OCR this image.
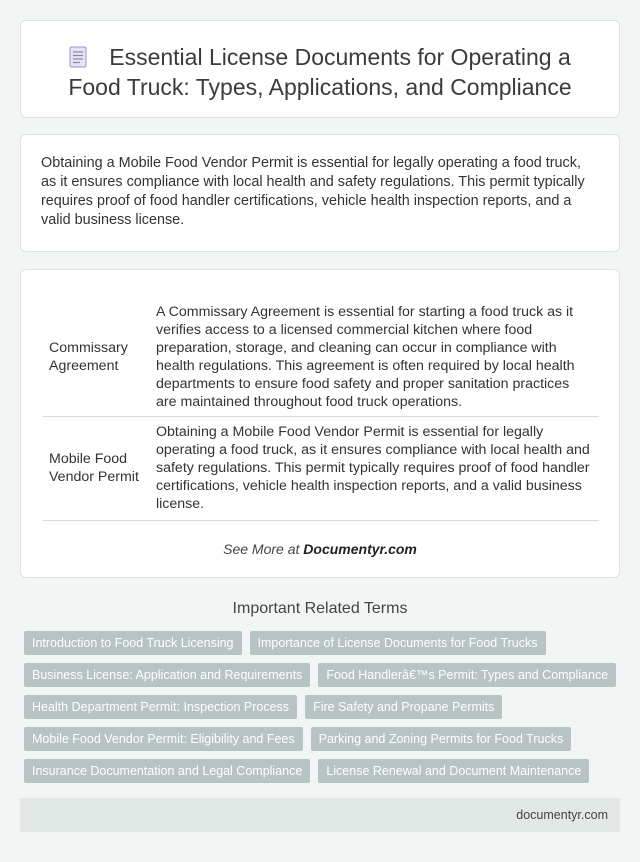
Essential License Documents for Operating a Food Truck: Types, Applications, and Compliance

Obtaining a Mobile Food Vendor Permit is essential for legally operating a food truck, as it ensures compliance with local health and safety regulations. This permit typically requires proof of food handler certifications, vehicle health inspection reports, and a valid business license.

Commissary Agreement	A Commissary Agreement is essential for starting a food truck as it verifies access to a licensed commercial kitchen where food preparation, storage, and cleaning can occur in compliance with health regulations. This agreement is often required by local health departments to ensure food safety and proper sanitation practices are maintained throughout food truck operations.
Mobile Food Vendor Permit	Obtaining a Mobile Food Vendor Permit is essential for legally operating a food truck, as it ensures compliance with local health and safety regulations. This permit typically requires proof of food handler certifications, vehicle health inspection reports, and a valid business license.
See More at Documentyr.com
Important Related Terms
Introduction to Food Truck Licensing	Importance of License Documents for Food Trucks
Business License: Application and Requirements	Food Handlerâ€™s Permit: Types and Compliance
Health Department Permit: Inspection Process	Fire Safety and Propane Permits
Mobile Food Vendor Permit: Eligibility and Fees	Parking and Zoning Permits for Food Trucks
Insurance Documentation and Legal Compliance	License Renewal and Document Maintenance
documentyr.com
